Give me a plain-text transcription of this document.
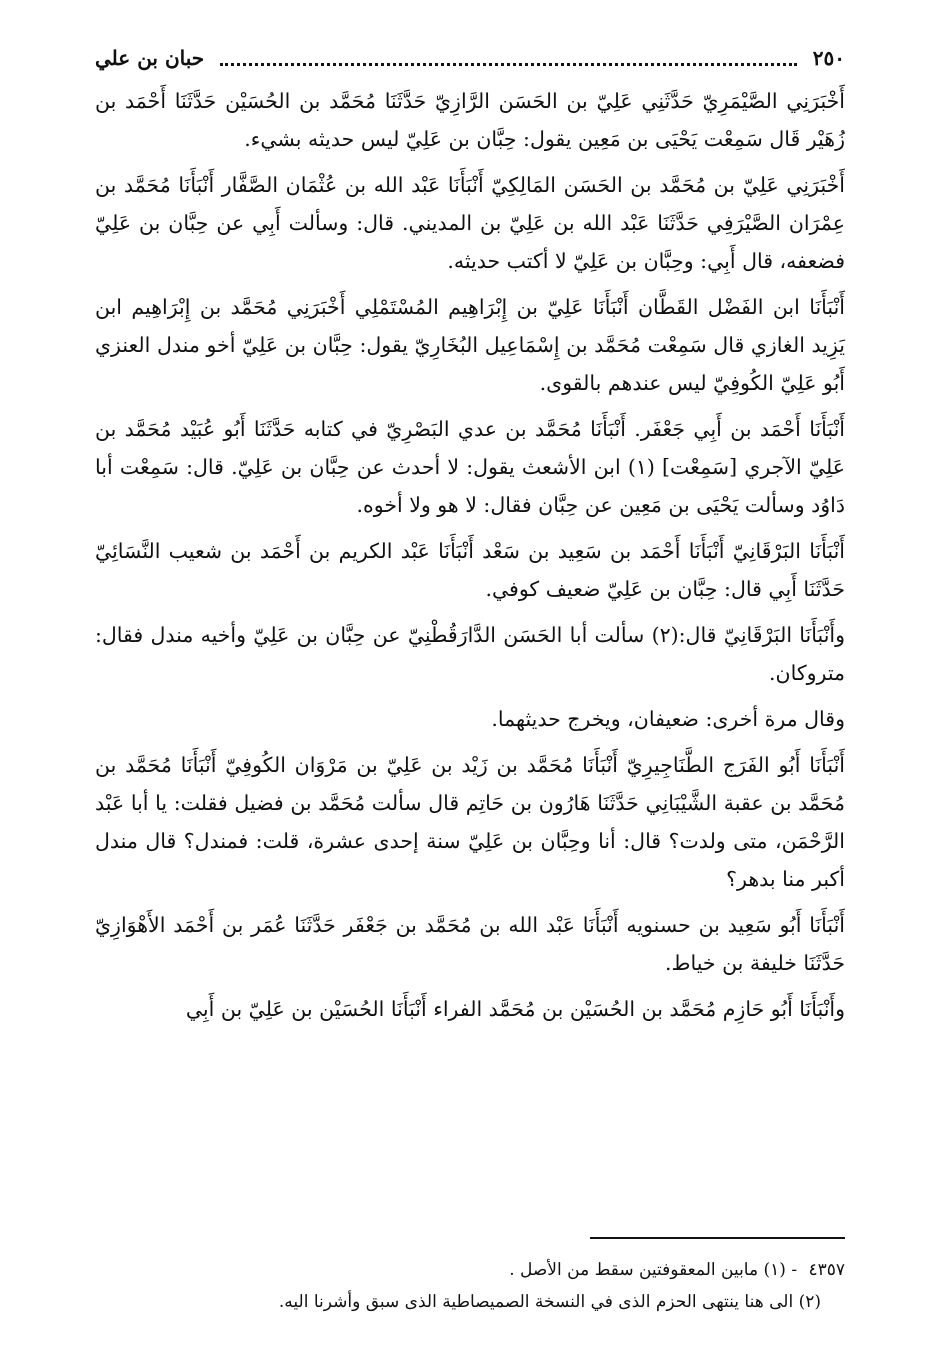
٢٥٠
حبان بن علي

أَخْبَرَنِي الصَّيْمَرِيّ حَدَّثَنِي عَلِيّ بن الحَسَن الرَّازِيّ حَدَّثَنَا مُحَمَّد بن الحُسَيْن حَدَّثَنَا أَحْمَد بن زُهَيْر قَال سَمِعْت يَحْيَى بن مَعِين يقول: حِبَّان بن عَلِيّ ليس حديثه بشيء.

أَخْبَرَنِي عَلِيّ بن مُحَمَّد بن الحَسَن المَالِكِيّ أَنْبَأَنَا عَبْد الله بن عُثْمَان الصَّفَّار أَنْبَأَنَا مُحَمَّد بن عِمْرَان الصَّيْرَفِي حَدَّثَنَا عَبْد الله بن عَلِيّ بن المديني. قال: وسألت أَبِي عن حِبَّان بن عَلِيّ فضعفه، قال أَبِي: وحِبَّان بن عَلِيّ لا أكتب حديثه.

أَنْبَأَنَا ابن الفَضْل القَطَّان أَنْبَأَنَا عَلِيّ بن إِبْرَاهِيم المُسْتَمْلِي أَخْبَرَنِي مُحَمَّد بن إِبْرَاهِيم ابن يَزِيد الغازي قال سَمِعْت مُحَمَّد بن إِسْمَاعِيل البُخَارِيّ يقول: حِبَّان بن عَلِيّ أخو مندل العنزي أَبُو عَلِيّ الكُوفِيّ ليس عندهم بالقوى.

أَنْبَأَنَا أَحْمَد بن أَبِي جَعْفَر. أَنْبَأَنَا مُحَمَّد بن عدي البَصْرِيّ في كتابه حَدَّثَنَا أَبُو عُبَيْد مُحَمَّد بن عَلِيّ الآجري [سَمِعْت] (١) ابن الأشعث يقول: لا أحدث عن حِبَّان بن عَلِيّ. قال: سَمِعْت أبا دَاوُد وسألت يَحْيَى بن مَعِين عن حِبَّان فقال: لا هو ولا أخوه.

أَنْبَأَنَا البَرْقَانِيّ أَنْبَأَنَا أَحْمَد بن سَعِيد بن سَعْد أَنْبَأَنَا عَبْد الكريم بن أَحْمَد بن شعيب النَّسَائِيّ حَدَّثَنَا أَبِي قال: حِبَّان بن عَلِيّ ضعيف كوفي.

وأَنْبَأَنَا البَرْقَانِيّ قال:(٢) سألت أبا الحَسَن الدَّارَقُطْنِيّ عن حِبَّان بن عَلِيّ وأخيه مندل فقال: متروكان.

وقال مرة أخرى: ضعيفان، ويخرج حديثهما.

أَنْبَأَنَا أَبُو الفَرَج الطَّنَاجِيرِيّ أَنْبَأَنَا مُحَمَّد بن زَيْد بن عَلِيّ بن مَرْوَان الكُوفِيّ أَنْبَأَنَا مُحَمَّد بن مُحَمَّد بن عقبة الشَّيْبَانِي حَدَّثَنَا هَارُون بن حَاتِم قال سألت مُحَمَّد بن فضيل فقلت: يا أبا عَبْد الرَّحْمَن، متى ولدت؟ قال: أنا وحِبَّان بن عَلِيّ سنة إحدى عشرة، قلت: فمندل؟ قال مندل أكبر منا بدهر؟

أَنْبَأَنَا أَبُو سَعِيد بن حسنويه أَنْبَأَنَا عَبْد الله بن مُحَمَّد بن جَعْفَر حَدَّثَنَا عُمَر بن أَحْمَد الأَهْوَازِيّ حَدَّثَنَا خليفة بن خياط.

وأَنْبَأَنَا أَبُو حَازِم مُحَمَّد بن الحُسَيْن بن مُحَمَّد الفراء أَنْبَأَنَا الحُسَيْن بن عَلِيّ بن أَبِي

٤٣٥٧ - (١) مابين المعقوفتين سقط من الأصل .

(٢) الى هنا ينتهى الحزم الذى في النسخة الصميصاطية الذى سبق وأشرنا اليه.
